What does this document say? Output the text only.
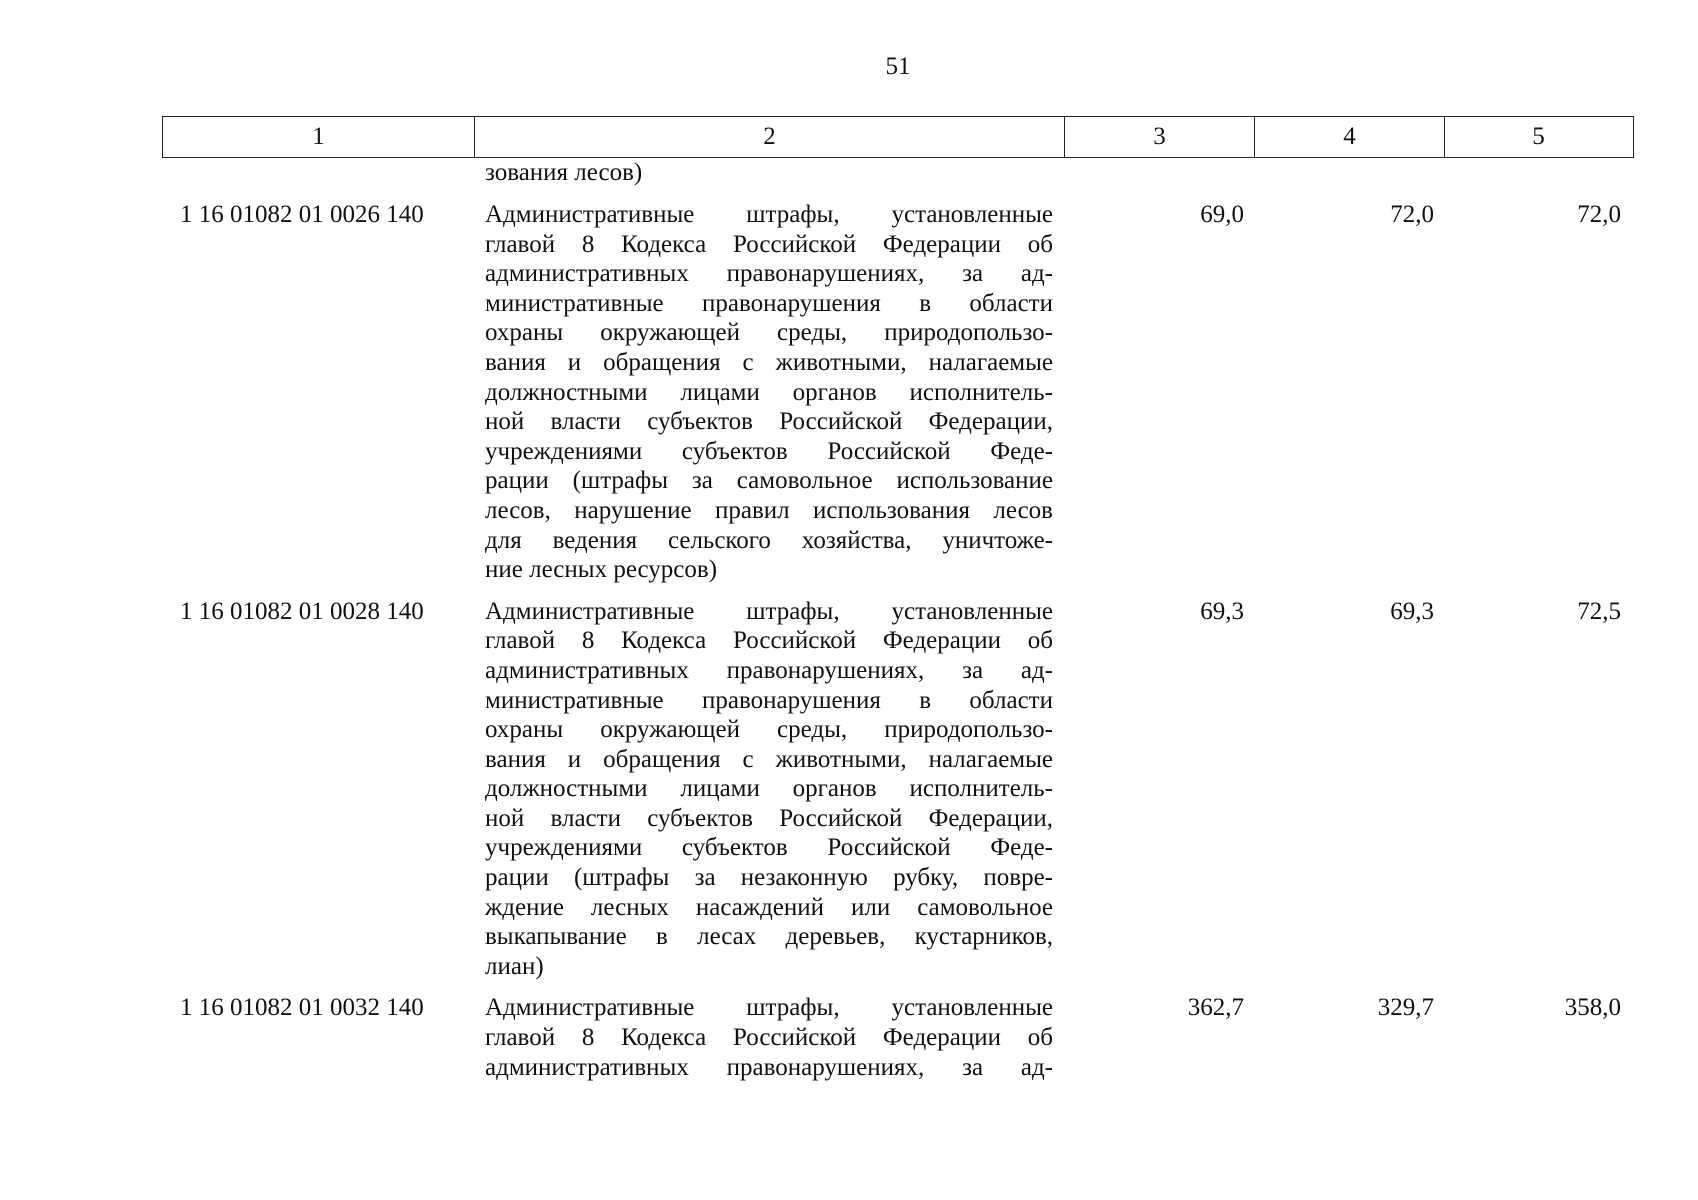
51
1	2	3	4	5
зования лесов)
1 16 01082 01 0026 140	Административные штрафы, установленные
главой 8 Кодекса Российской Федерации об
административных правонарушениях, за ад-
министративные правонарушения в области
охраны окружающей среды, природопользо-
вания и обращения с животными, налагаемые
должностными лицами органов исполнитель-
ной власти субъектов Российской Федерации,
учреждениями субъектов Российской Феде-
рации (штрафы за самовольное использование
лесов, нарушение правил использования лесов
для ведения сельского хозяйства, уничтоже-
ние лесных ресурсов)
69,0	72,0	72,0
1 16 01082 01 0028 140	Административные штрафы, установленные
главой 8 Кодекса Российской Федерации об
административных правонарушениях, за ад-
министративные правонарушения в области
охраны окружающей среды, природопользо-
вания и обращения с животными, налагаемые
должностными лицами органов исполнитель-
ной власти субъектов Российской Федерации,
учреждениями субъектов Российской Феде-
рации (штрафы за незаконную рубку, повре-
ждение лесных насаждений или самовольное
выкапывание в лесах деревьев, кустарников,
лиан)
69,3	69,3	72,5
1 16 01082 01 0032 140	Административные штрафы, установленные
главой 8 Кодекса Российской Федерации об
административных правонарушениях, за ад-
362,7	329,7	358,0
